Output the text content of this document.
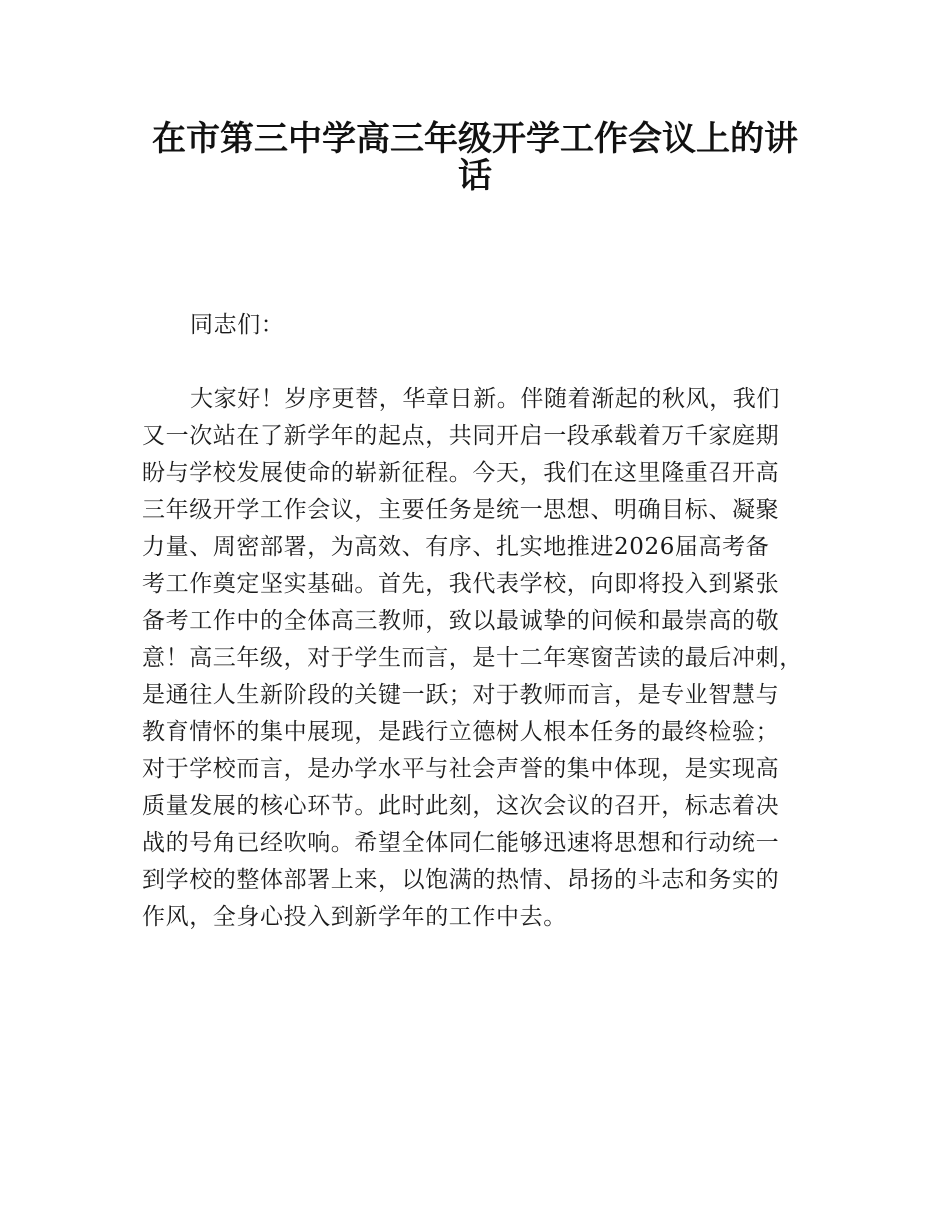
在市第三中学高三年级开学工作会议上的讲
话

同志们：

大家好！岁序更替，华章日新。伴随着渐起的秋风，我们
又一次站在了新学年的起点，共同开启一段承载着万千家庭期
盼与学校发展使命的崭新征程。今天，我们在这里隆重召开高
三年级开学工作会议，主要任务是统一思想、明确目标、凝聚
力量、周密部署，为高效、有序、扎实地推进2026届高考备
考工作奠定坚实基础。首先，我代表学校，向即将投入到紧张
备考工作中的全体高三教师，致以最诚挚的问候和最崇高的敬
意！高三年级，对于学生而言，是十二年寒窗苦读的最后冲刺，
是通往人生新阶段的关键一跃；对于教师而言，是专业智慧与
教育情怀的集中展现，是践行立德树人根本任务的最终检验；
对于学校而言，是办学水平与社会声誉的集中体现，是实现高
质量发展的核心环节。此时此刻，这次会议的召开，标志着决
战的号角已经吹响。希望全体同仁能够迅速将思想和行动统一
到学校的整体部署上来，以饱满的热情、昂扬的斗志和务实的
作风，全身心投入到新学年的工作中去。
